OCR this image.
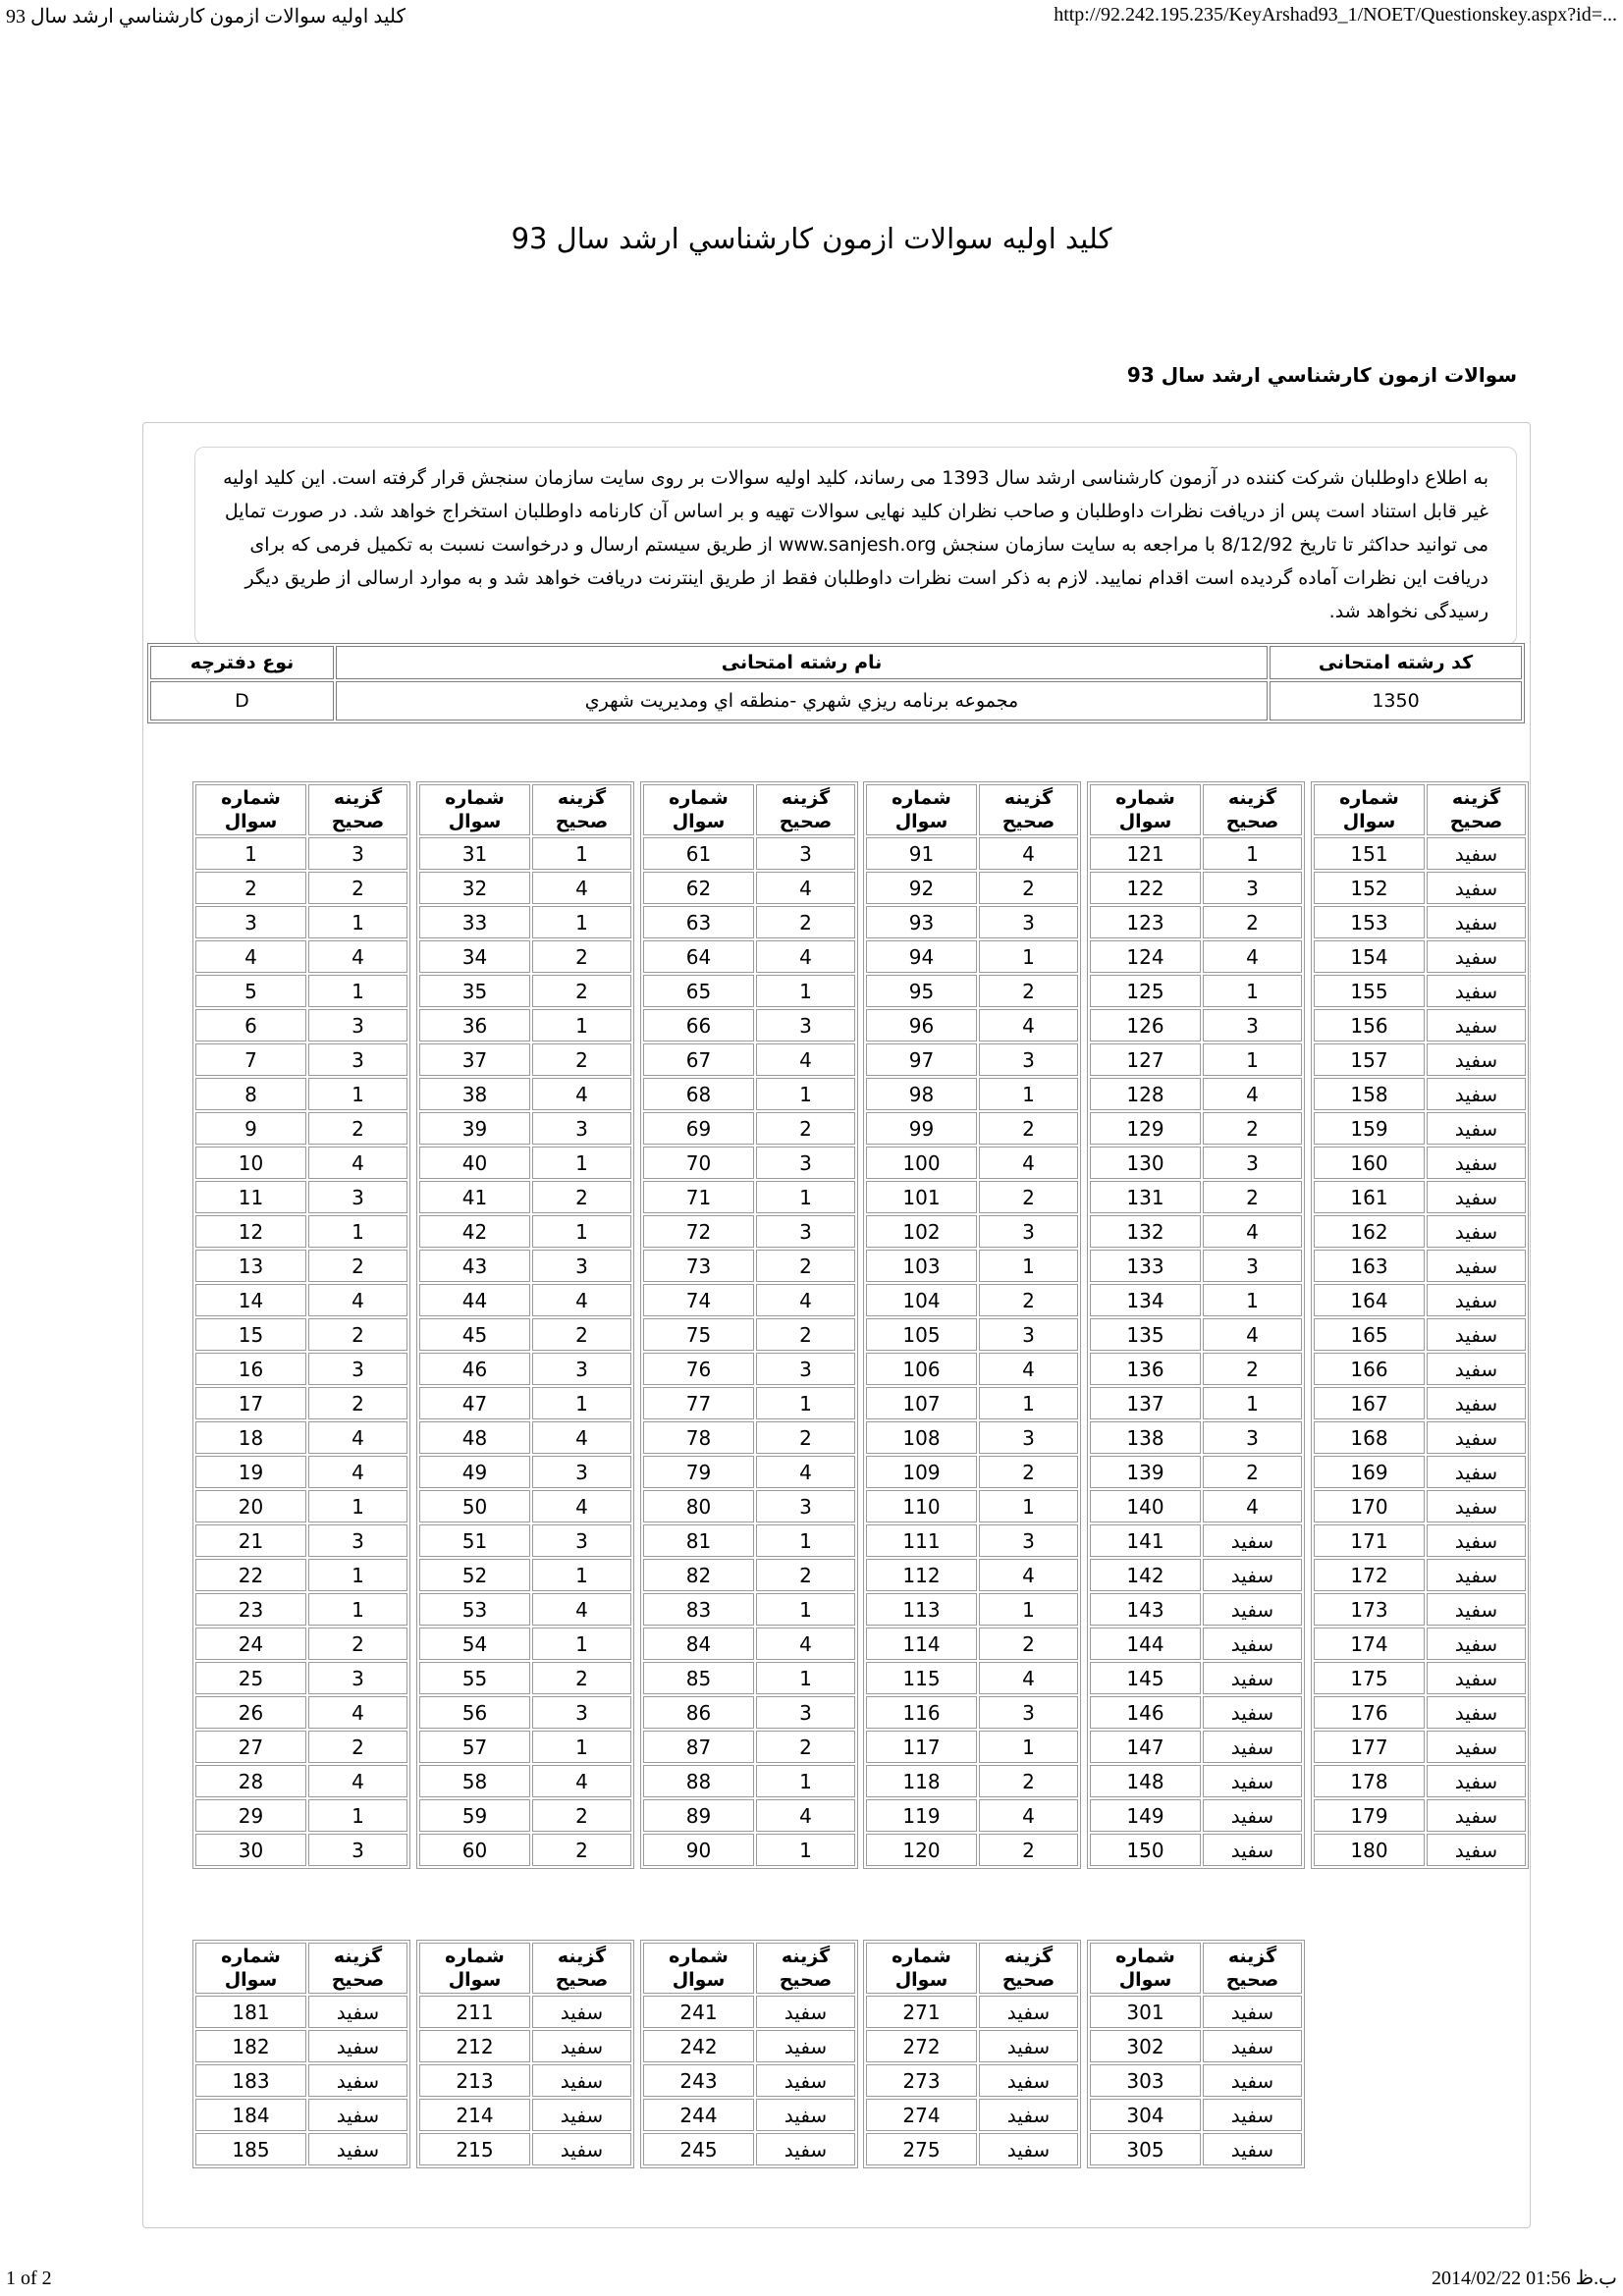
کلید اولیه سوالات ازمون کارشناسي ارشد سال 93	http://92.242.195.235/KeyArshad93_1/NOET/Questionskey.aspx?id=...
کلید اولیه سوالات ازمون کارشناسي ارشد سال 93
سوالات ازمون کارشناسي ارشد سال 93

به اطلاع داوطلبان شرکت کننده در آزمون کارشناسی ارشد سال 1393 می رساند، کلید اولیه سوالات بر روی سایت سازمان سنجش قرار گرفته است. این کلید اولیه غیر قابل استناد است پس از دریافت نظرات داوطلبان و صاحب نظران کلید نهایی سوالات تهیه و بر اساس آن کارنامه داوطلبان استخراج خواهد شد. در صورت تمایل می توانید حداکثر تا تاریخ 8/12/92 با مراجعه به سایت سازمان سنجش www.sanjesh.org از طریق سیستم ارسال و درخواست نسبت به تکمیل فرمی که برای دریافت این نظرات آماده گردیده است اقدام نمایید. لازم به ذکر است نظرات داوطلبان فقط از طریق اینترنت دریافت خواهد شد و به موارد ارسالی از طریق دیگر رسیدگی نخواهد شد.

کد رشته امتحانی	نام رشته امتحانی	نوع دفترچه
1350	مجموعه برنامه ريزي شهري -منطقه اي ومديريت شهري	D
شماره
سوال

گزینه
صحیح

1	3
2	2
3	1
4	4
5	1
6	3
7	3
8	1
9	2
10	4
11	3
12	1
13	2
14	4
15	2
16	3
17	2
18	4
19	4
20	1
21	3
22	1
23	1
24	2
25	3
26	4
27	2
28	4
29	1
30	3
شماره
سوال

گزینه
صحیح

31	1
32	4
33	1
34	2
35	2
36	1
37	2
38	4
39	3
40	1
41	2
42	1
43	3
44	4
45	2
46	3
47	1
48	4
49	3
50	4
51	3
52	1
53	4
54	1
55	2
56	3
57	1
58	4
59	2
60	2
شماره
سوال

گزینه
صحیح

61	3
62	4
63	2
64	4
65	1
66	3
67	4
68	1
69	2
70	3
71	1
72	3
73	2
74	4
75	2
76	3
77	1
78	2
79	4
80	3
81	1
82	2
83	1
84	4
85	1
86	3
87	2
88	1
89	4
90	1
شماره
سوال

گزینه
صحیح

91	4
92	2
93	3
94	1
95	2
96	4
97	3
98	1
99	2
100	4
101	2
102	3
103	1
104	2
105	3
106	4
107	1
108	3
109	2
110	1
111	3
112	4
113	1
114	2
115	4
116	3
117	1
118	2
119	4
120	2
شماره
سوال

گزینه
صحیح

121	1
122	3
123	2
124	4
125	1
126	3
127	1
128	4
129	2
130	3
131	2
132	4
133	3
134	1
135	4
136	2
137	1
138	3
139	2
140	4
141	سفید
142	سفید
143	سفید
144	سفید
145	سفید
146	سفید
147	سفید
148	سفید
149	سفید
150	سفید
شماره
سوال

گزینه
صحیح

151	سفید
152	سفید
153	سفید
154	سفید
155	سفید
156	سفید
157	سفید
158	سفید
159	سفید
160	سفید
161	سفید
162	سفید
163	سفید
164	سفید
165	سفید
166	سفید
167	سفید
168	سفید
169	سفید
170	سفید
171	سفید
172	سفید
173	سفید
174	سفید
175	سفید
176	سفید
177	سفید
178	سفید
179	سفید
180	سفید
شماره
سوال

گزینه
صحیح

181	سفید
182	سفید
183	سفید
184	سفید
185	سفید
شماره
سوال

گزینه
صحیح

211	سفید
212	سفید
213	سفید
214	سفید
215	سفید
شماره
سوال

گزینه
صحیح

241	سفید
242	سفید
243	سفید
244	سفید
245	سفید
شماره
سوال

گزینه
صحیح

271	سفید
272	سفید
273	سفید
274	سفید
275	سفید
شماره
سوال

گزینه
صحیح

301	سفید
302	سفید
303	سفید
304	سفید
305	سفید
1 of 2	2014/02/22 01:56 ب.ظ
